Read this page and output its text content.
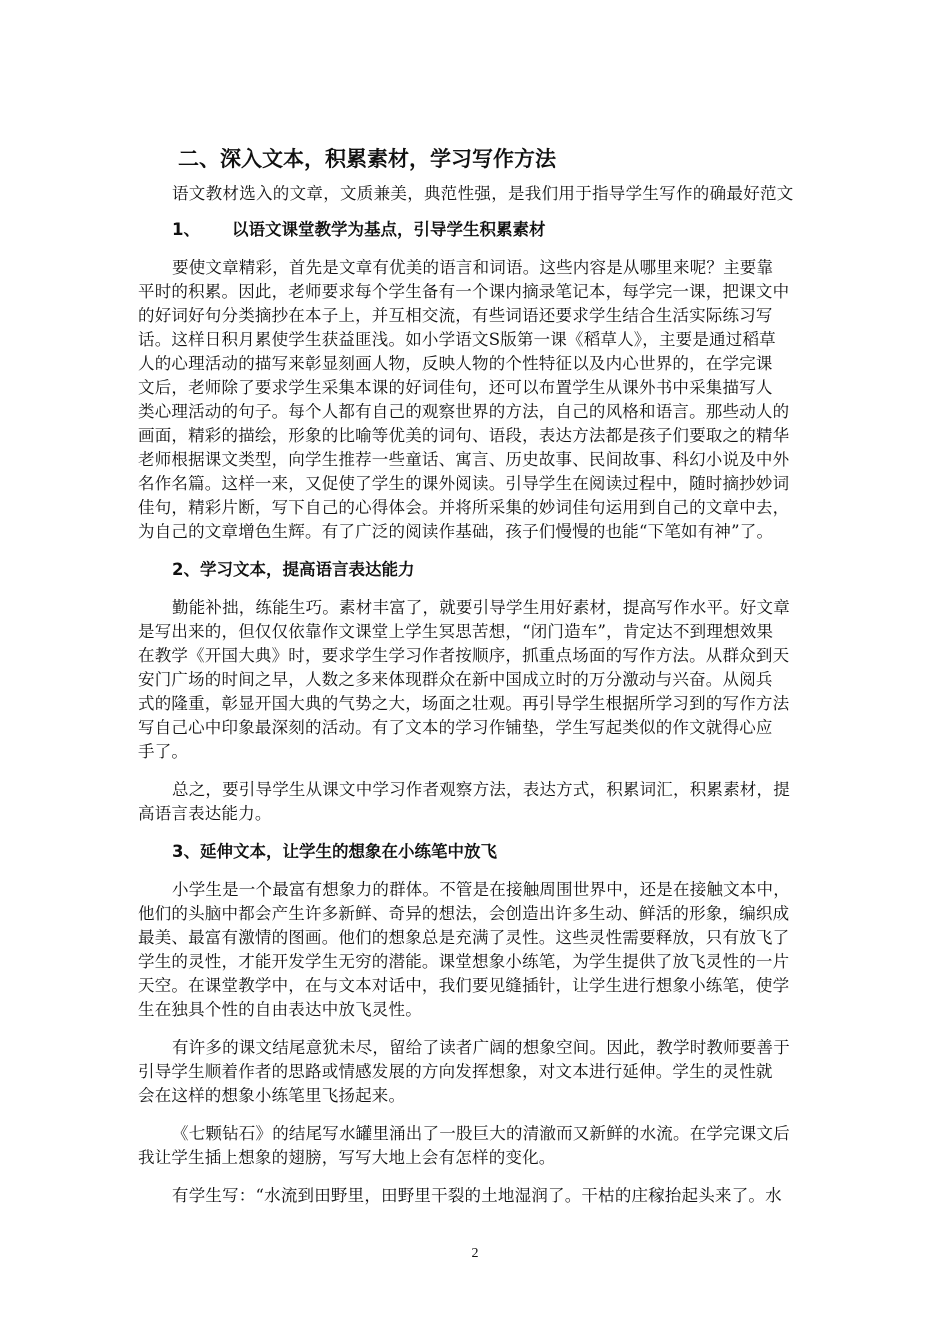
二、深入文本，积累素材，学习写作方法
语文教材选入的文章，文质兼美，典范性强，是我们用于指导学生写作的确最好范文
1、 以语文课堂教学为基点，引导学生积累素材
要使文章精彩，首先是文章有优美的语言和词语。这些内容是从哪里来呢？主要靠
平时的积累。因此，老师要求每个学生备有一个课内摘录笔记本，每学完一课，把课文中
的好词好句分类摘抄在本子上，并互相交流，有些词语还要求学生结合生活实际练习写
话。这样日积月累使学生获益匪浅。如小学语文S版第一课《稻草人》，主要是通过稻草
人的心理活动的描写来彰显刻画人物，反映人物的个性特征以及内心世界的，在学完课
文后，老师除了要求学生采集本课的好词佳句，还可以布置学生从课外书中采集描写人
类心理活动的句子。每个人都有自己的观察世界的方法，自己的风格和语言。那些动人的
画面，精彩的描绘，形象的比喻等优美的词句、语段，表达方法都是孩子们要取之的精华
老师根据课文类型，向学生推荐一些童话、寓言、历史故事、民间故事、科幻小说及中外
名作名篇。这样一来，又促使了学生的课外阅读。引导学生在阅读过程中，随时摘抄妙词
佳句，精彩片断，写下自己的心得体会。并将所采集的妙词佳句运用到自己的文章中去，
为自己的文章增色生辉。有了广泛的阅读作基础，孩子们慢慢的也能“下笔如有神”了。
2、学习文本，提高语言表达能力
勤能补拙，练能生巧。素材丰富了，就要引导学生用好素材，提高写作水平。好文章
是写出来的，但仅仅依靠作文课堂上学生冥思苦想，“闭门造车”，肯定达不到理想效果
在教学《开国大典》时，要求学生学习作者按顺序，抓重点场面的写作方法。从群众到天
安门广场的时间之早，人数之多来体现群众在新中国成立时的万分激动与兴奋。从阅兵
式的隆重，彰显开国大典的气势之大，场面之壮观。再引导学生根据所学习到的写作方法
写自己心中印象最深刻的活动。有了文本的学习作铺垫，学生写起类似的作文就得心应
手了。
总之，要引导学生从课文中学习作者观察方法，表达方式，积累词汇，积累素材，提
高语言表达能力。
3、延伸文本，让学生的想象在小练笔中放飞
小学生是一个最富有想象力的群体。不管是在接触周围世界中，还是在接触文本中，
他们的头脑中都会产生许多新鲜、奇异的想法，会创造出许多生动、鲜活的形象，编织成
最美、最富有激情的图画。他们的想象总是充满了灵性。这些灵性需要释放，只有放飞了
学生的灵性，才能开发学生无穷的潜能。课堂想象小练笔，为学生提供了放飞灵性的一片
天空。在课堂教学中，在与文本对话中，我们要见缝插针，让学生进行想象小练笔，使学
生在独具个性的自由表达中放飞灵性。
有许多的课文结尾意犹未尽，留给了读者广阔的想象空间。因此，教学时教师要善于
引导学生顺着作者的思路或情感发展的方向发挥想象，对文本进行延伸。学生的灵性就
会在这样的想象小练笔里飞扬起来。
《七颗钻石》的结尾写水罐里涌出了一股巨大的清澈而又新鲜的水流。在学完课文后
我让学生插上想象的翅膀，写写大地上会有怎样的变化。
有学生写：“水流到田野里，田野里干裂的土地湿润了。干枯的庄稼抬起头来了。水
2
